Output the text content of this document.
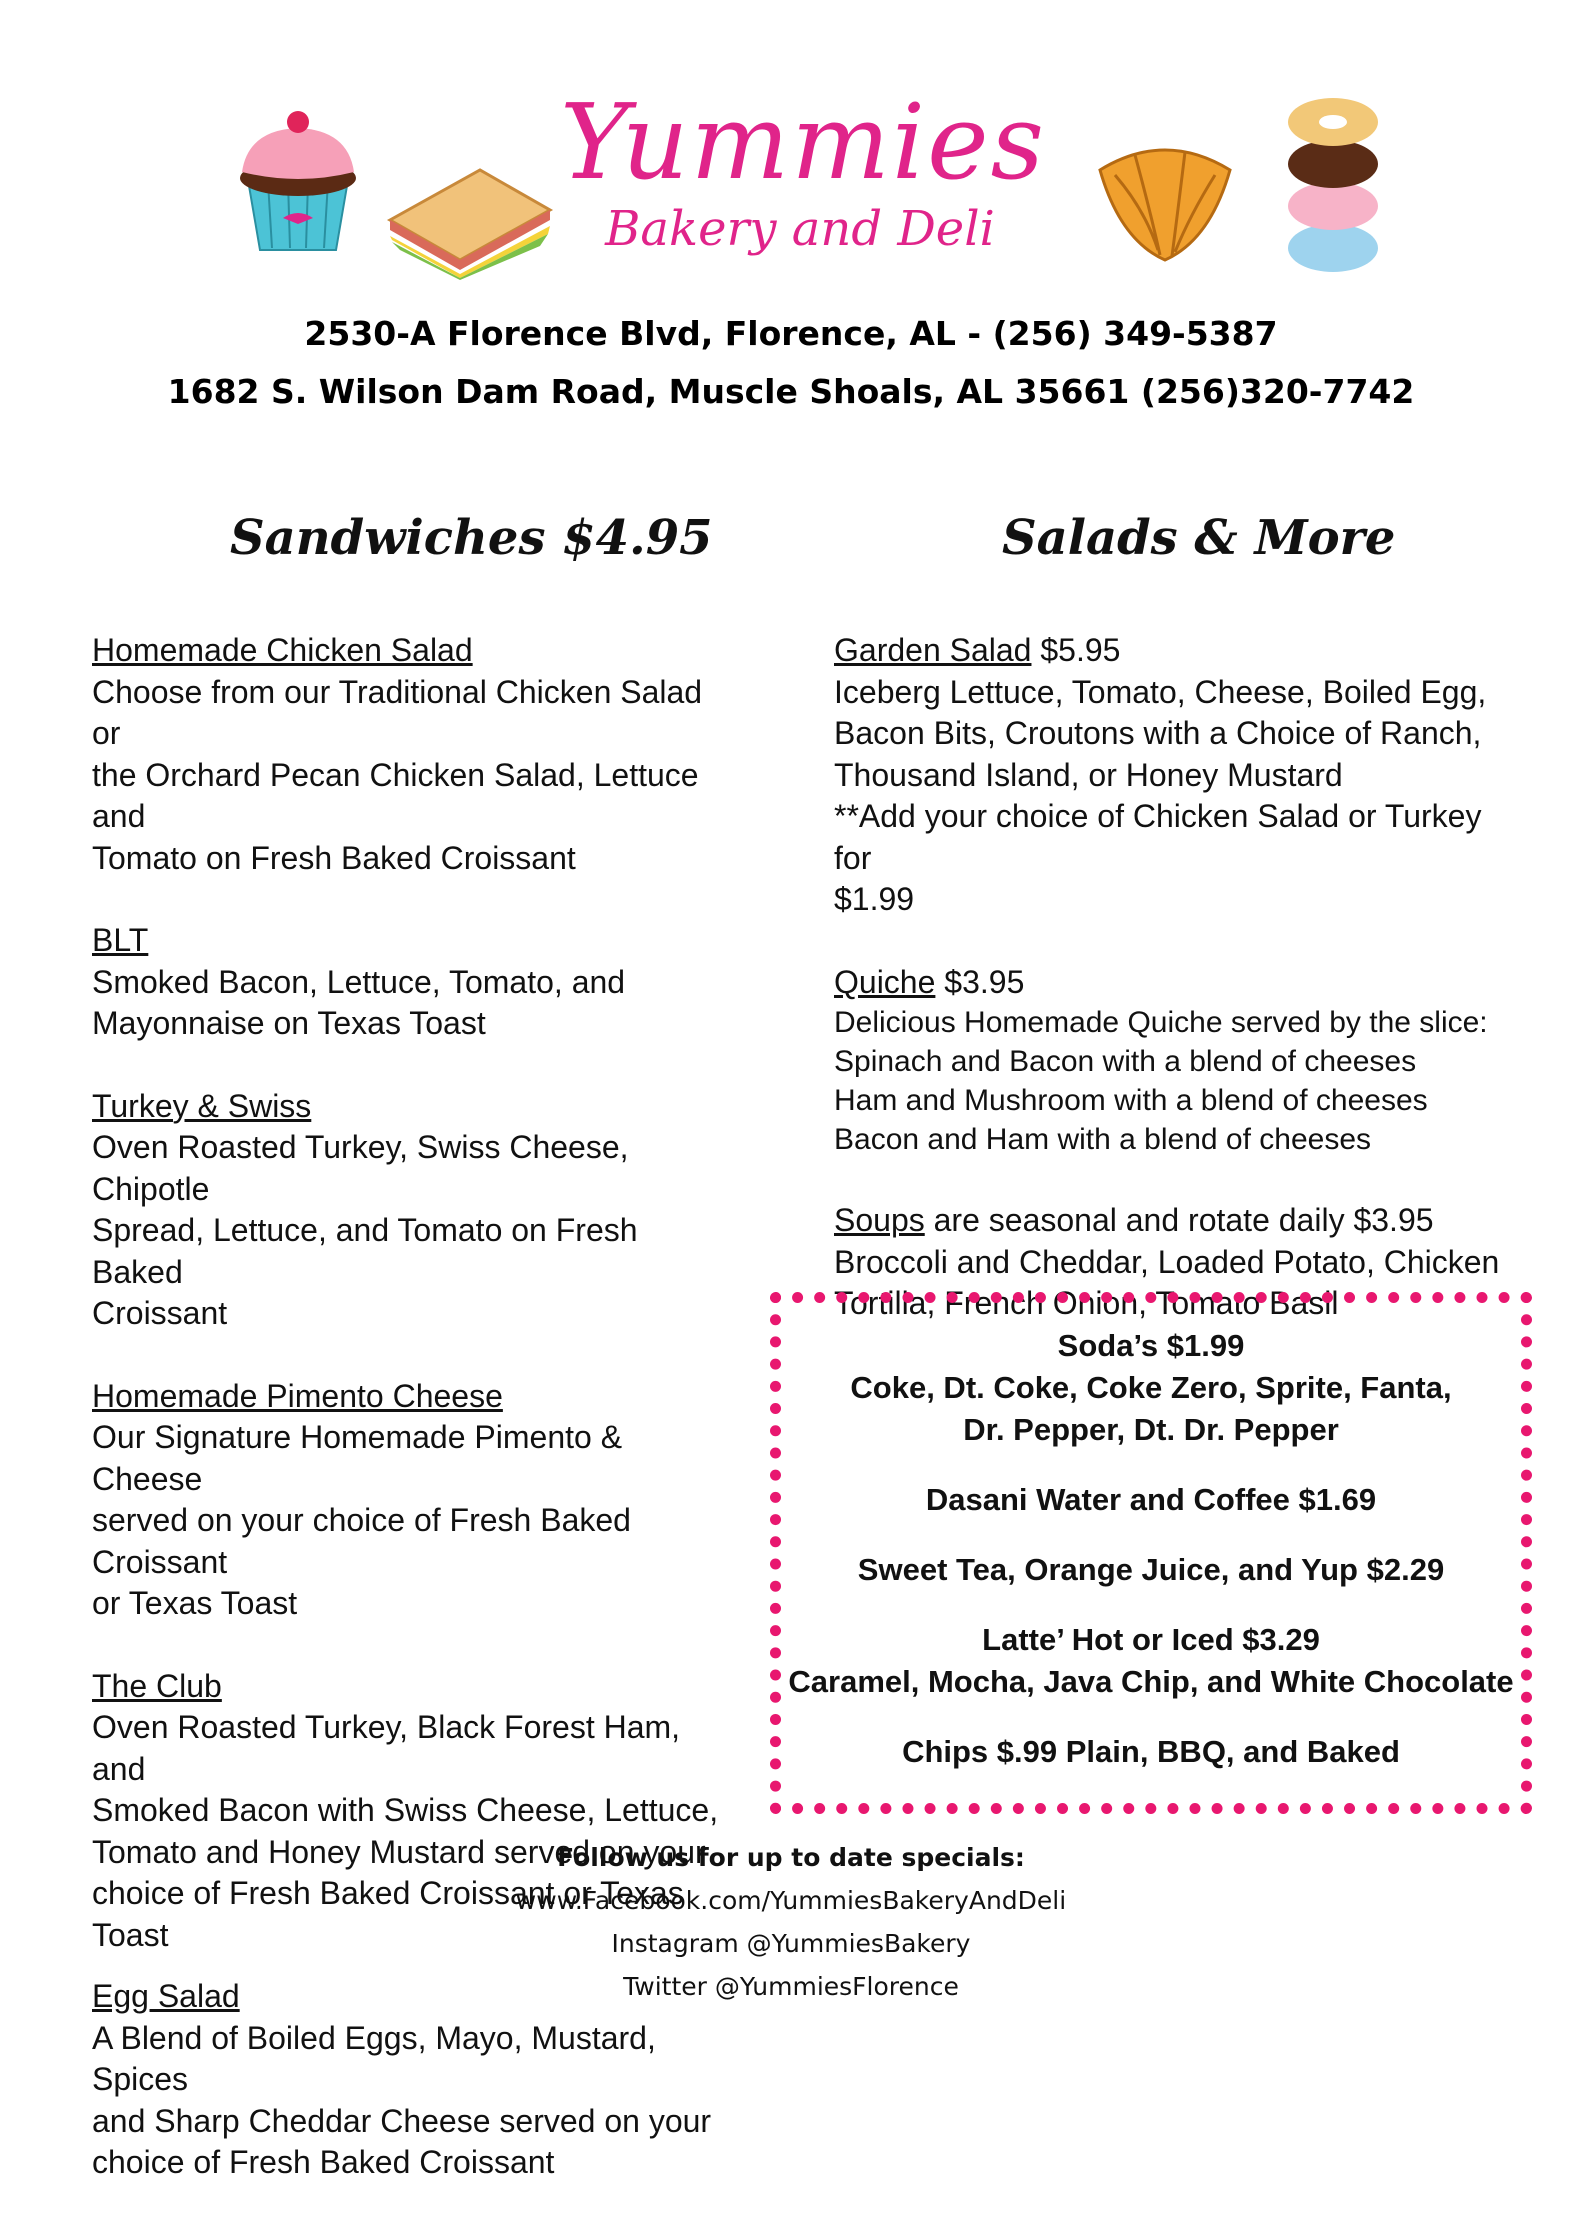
Yummies
Bakery and Deli
2530-A Florence Blvd, Florence, AL - (256) 349-5387
1682 S. Wilson Dam Road, Muscle Shoals, AL 35661 (256)320-7742
Sandwiches $4.95	Salads & More
Homemade Chicken Salad
Choose from our Traditional Chicken Salad or
the Orchard Pecan Chicken Salad, Lettuce and
Tomato on Fresh Baked Croissant
BLT
Smoked Bacon, Lettuce, Tomato, and
Mayonnaise on Texas Toast
Turkey & Swiss
Oven Roasted Turkey, Swiss Cheese, Chipotle
Spread, Lettuce, and Tomato on Fresh Baked
Croissant
Homemade Pimento Cheese
Our Signature Homemade Pimento & Cheese
served on your choice of Fresh Baked Croissant
or Texas Toast
The Club
Oven Roasted Turkey, Black Forest Ham, and
Smoked Bacon with Swiss Cheese, Lettuce,
Tomato and Honey Mustard served on your
choice of Fresh Baked Croissant or Texas Toast
Egg Salad
A Blend of Boiled Eggs, Mayo, Mustard, Spices
and Sharp Cheddar Cheese served on your
choice of Fresh Baked Croissant
Garden Salad $5.95
Iceberg Lettuce, Tomato, Cheese, Boiled Egg,
Bacon Bits, Croutons with a Choice of Ranch,
Thousand Island, or Honey Mustard
**Add your choice of Chicken Salad or Turkey for
$1.99
Quiche $3.95
Delicious Homemade Quiche served by the slice:
Spinach and Bacon with a blend of cheeses
Ham and Mushroom with a blend of cheeses
Bacon and Ham with a blend of cheeses
Soups are seasonal and rotate daily $3.95
Broccoli and Cheddar, Loaded Potato, Chicken
Tortilla, French Onion, Tomato Basil
Soda’s $1.99
Coke, Dt. Coke, Coke Zero, Sprite, Fanta,
Dr. Pepper, Dt. Dr. Pepper
Dasani Water and Coffee $1.69
Sweet Tea, Orange Juice, and Yup $2.29
Latte’ Hot or Iced $3.29
Caramel, Mocha, Java Chip, and White Chocolate
Chips $.99 Plain, BBQ, and Baked
Follow us for up to date specials:
www.Facebook.com/YummiesBakeryAndDeli
Instagram @YummiesBakery
Twitter @YummiesFlorence
